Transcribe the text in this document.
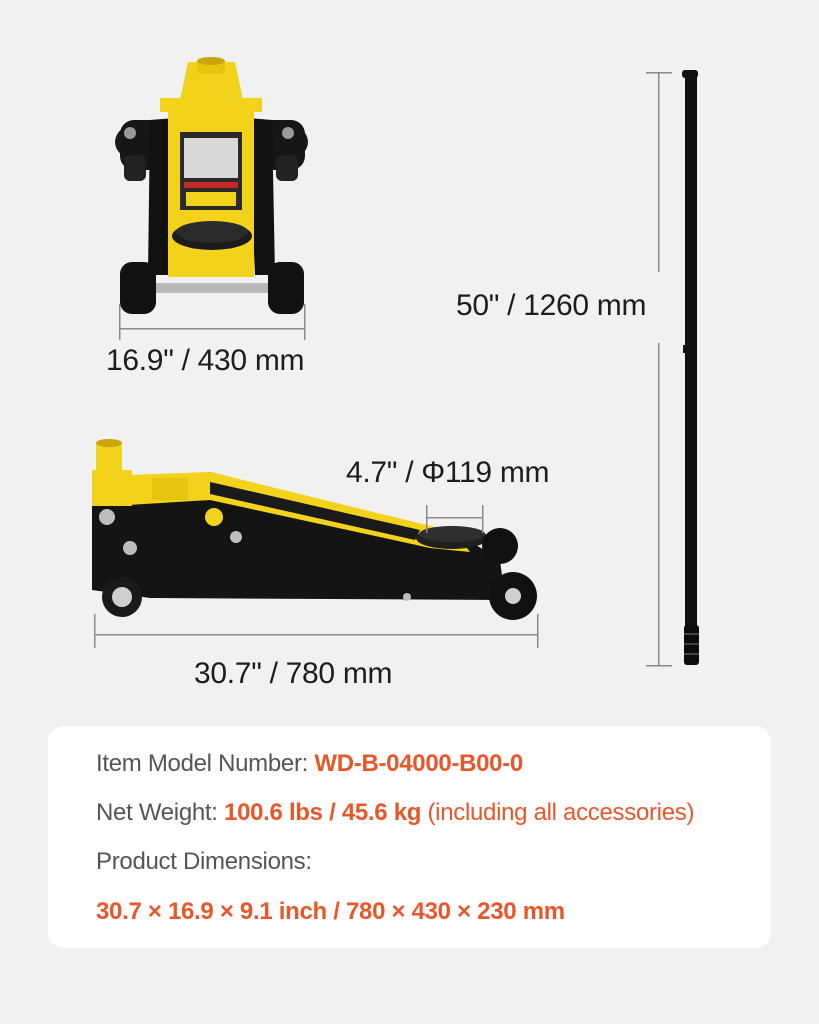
16.9" / 430 mm
4.7" / Φ119 mm
30.7" / 780 mm
50" / 1260 mm
Item Model Number: WD-B-04000-B00-0
Net Weight: 100.6 lbs / 45.6 kg (including all accessories)
Product Dimensions:
30.7 × 16.9 × 9.1 inch / 780 × 430 × 230 mm
